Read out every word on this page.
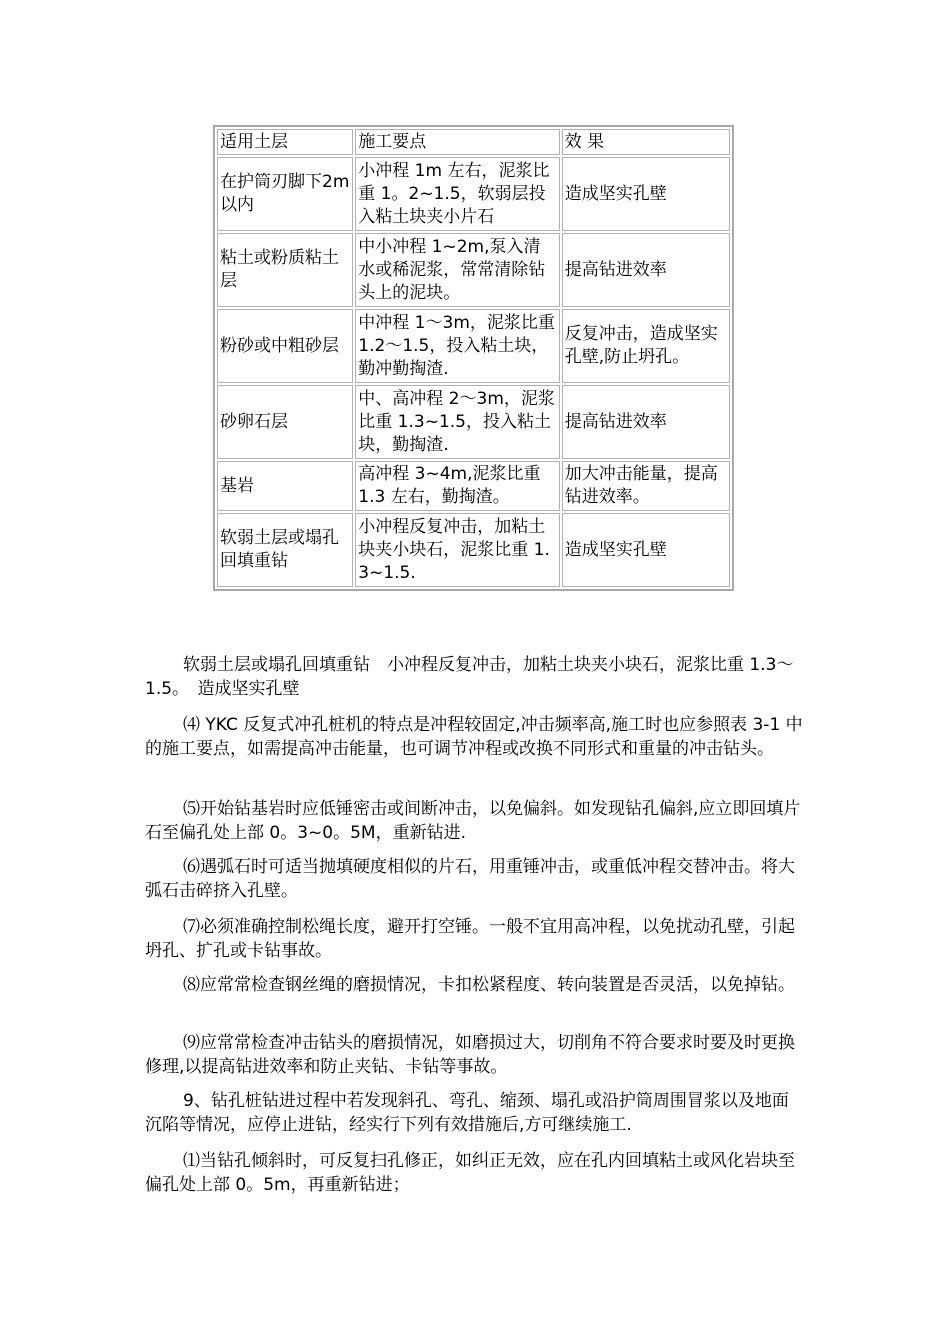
适用土层	施工要点	效 果
在护筒刃脚下2m 以内	小冲程 1m 左右，泥浆比重 1。2~1.5，软弱层投入粘土块夹小片石	造成坚实孔壁
粘土或粉质粘土层	中小冲程 1~2m,泵入清水或稀泥浆，常常清除钻头上的泥块。	提高钻进效率
粉砂或中粗砂层	中冲程 1～3m，泥浆比重 1.2～1.5，投入粘土块，勤冲勤掏渣.	反复冲击，造成坚实孔壁,防止坍孔。
砂卵石层	中、高冲程 2～3m，泥浆比重 1.3~1.5，投入粘土块，勤掏渣.	提高钻进效率
基岩	高冲程 3~4m,泥浆比重 1.3 左右，勤掏渣。	加大冲击能量，提高钻进效率。
软弱土层或塌孔回填重钻	小冲程反复冲击，加粘土块夹小块石，泥浆比重 1.3~1.5.	造成坚实孔壁

软弱土层或塌孔回填重钻　小冲程反复冲击，加粘土块夹小块石，泥浆比重 1.3～1.5。　造成坚实孔壁

⑷ YKC 反复式冲孔桩机的特点是冲程较固定,冲击频率高,施工时也应参照表 3-1 中的施工要点，如需提高冲击能量，也可调节冲程或改换不同形式和重量的冲击钻头。

⑸开始钻基岩时应低锤密击或间断冲击，以免偏斜。如发现钻孔偏斜,应立即回填片石至偏孔处上部 0。3~0。5M，重新钻进.

⑹遇弧石时可适当抛填硬度相似的片石，用重锤冲击，或重低冲程交替冲击。将大弧石击碎挤入孔壁。

⑺必须准确控制松绳长度，避开打空锤。一般不宜用高冲程，以免扰动孔壁，引起坍孔、扩孔或卡钻事故。

⑻应常常检查钢丝绳的磨损情况，卡扣松紧程度、转向装置是否灵活，以免掉钻。

⑼应常常检查冲击钻头的磨损情况，如磨损过大，切削角不符合要求时要及时更换修理,以提高钻进效率和防止夹钻、卡钻等事故。

9、钻孔桩钻进过程中若发现斜孔、弯孔、缩颈、塌孔或沿护筒周围冒浆以及地面沉陷等情况，应停止进钻，经实行下列有效措施后,方可继续施工.

⑴当钻孔倾斜时，可反复扫孔修正，如纠正无效，应在孔内回填粘土或风化岩块至偏孔处上部 0。5m，再重新钻进；
